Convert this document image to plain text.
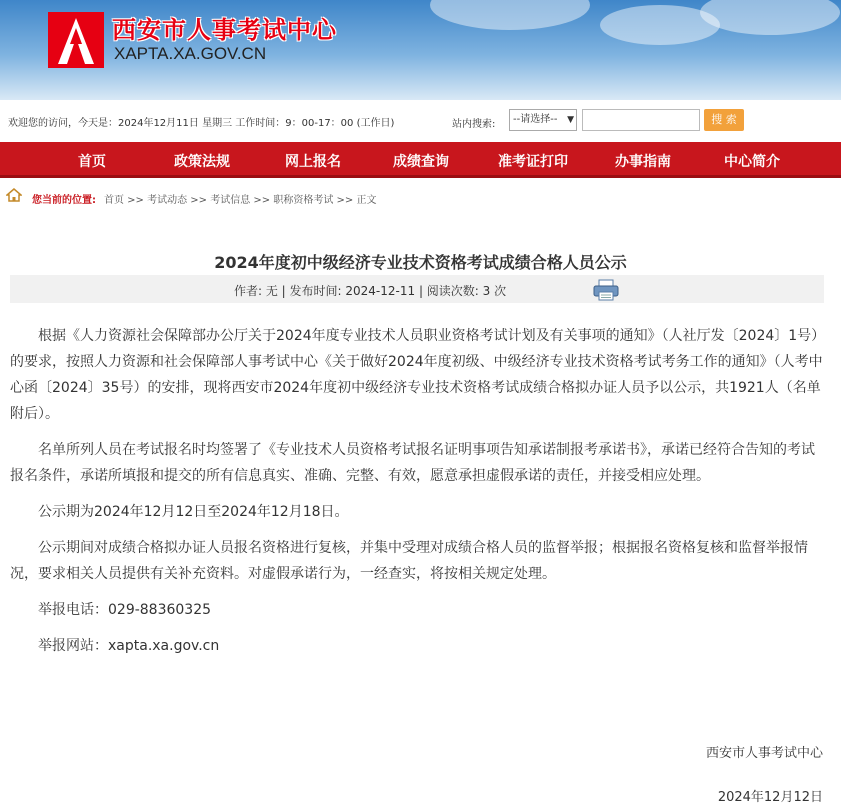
西安市人事考试中心
XAPTA.XA.GOV.CN
欢迎您的访问，今天是：2024年12月11日 星期三 工作时间：9：00-17：00 (工作日)	站内搜索:	--请选择-- ▼	搜 索
首页	政策法规	网上报名	成绩查询	准考证打印	办事指南	中心简介
您当前的位置: 首页 >> 考试动态 >> 考试信息 >> 职称资格考试 >> 正文
2024年度初中级经济专业技术资格考试成绩合格人员公示
作者: 无 | 发布时间: 2024-12-11 | 阅读次数: 3 次

根据《人力资源社会保障部办公厅关于2024年度专业技术人员职业资格考试计划及有关事项的通知》（人社厅发〔2024〕1号）的要求，按照人力资源和社会保障部人事考试中心《关于做好2024年度初级、中级经济专业技术资格考试考务工作的通知》（人考中心函〔2024〕35号）的安排，现将西安市2024年度初中级经济专业技术资格考试成绩合格拟办证人员予以公示，共1921人（名单附后）。

名单所列人员在考试报名时均签署了《专业技术人员资格考试报名证明事项告知承诺制报考承诺书》，承诺已经符合告知的考试报名条件，承诺所填报和提交的所有信息真实、准确、完整、有效，愿意承担虚假承诺的责任，并接受相应处理。

公示期为2024年12月12日至2024年12月18日。

公示期间对成绩合格拟办证人员报名资格进行复核，并集中受理对成绩合格人员的监督举报；根据报名资格复核和监督举报情况，要求相关人员提供有关补充资料。对虚假承诺行为，一经查实，将按相关规定处理。

举报电话：029-88360325

举报网站：xapta.xa.gov.cn

西安市人事考试中心
2024年12月12日
